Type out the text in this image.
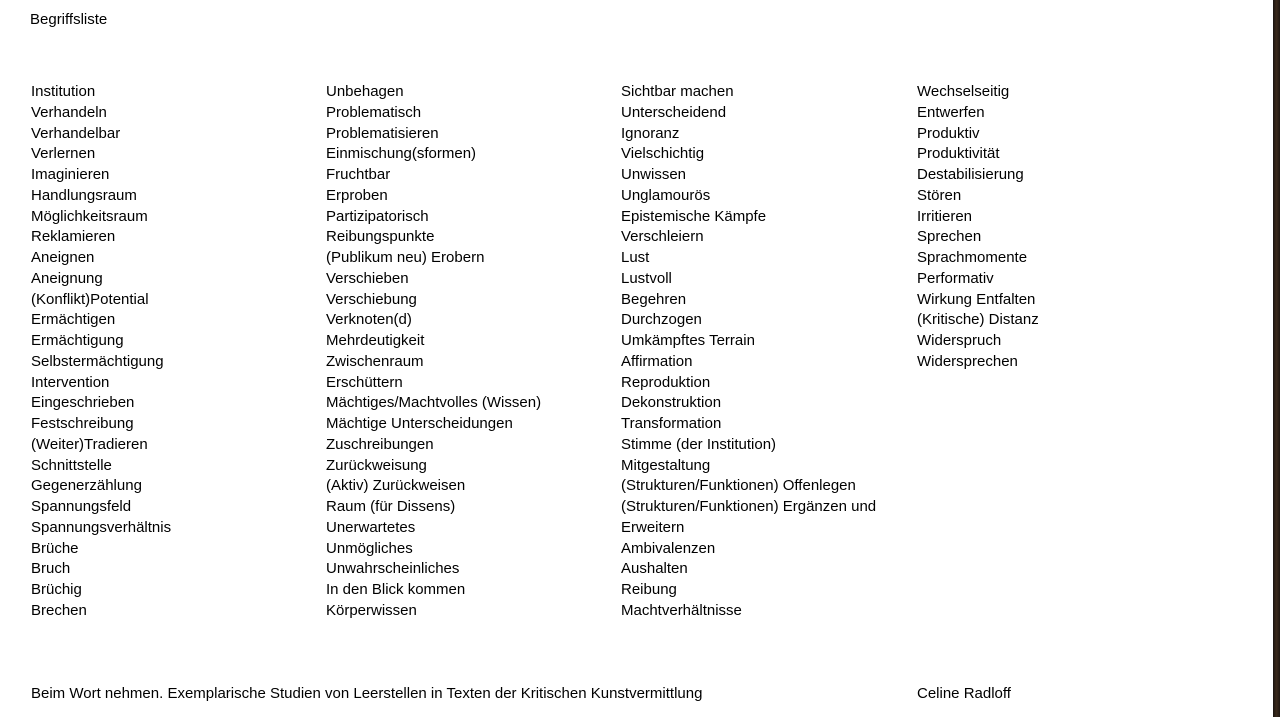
Begriffsliste
Institution
Verhandeln
Verhandelbar
Verlernen
Imaginieren
Handlungsraum
Möglichkeitsraum
Reklamieren
Aneignen
Aneignung
(Konflikt)Potential
Ermächtigen
Ermächtigung
Selbstermächtigung
Intervention
Eingeschrieben
Festschreibung
(Weiter)Tradieren
Schnittstelle
Gegenerzählung
Spannungsfeld
Spannungsverhältnis
Brüche
Bruch
Brüchig
Brechen
Unbehagen
Problematisch
Problematisieren
Einmischung(sformen)
Fruchtbar
Erproben
Partizipatorisch
Reibungspunkte
(Publikum neu) Erobern
Verschieben
Verschiebung
Verknoten(d)
Mehrdeutigkeit
Zwischenraum
Erschüttern
Mächtiges/Machtvolles (Wissen)
Mächtige Unterscheidungen
Zuschreibungen
Zurückweisung
(Aktiv) Zurückweisen
Raum (für Dissens)
Unerwartetes
Unmögliches
Unwahrscheinliches
In den Blick kommen
Körperwissen
Sichtbar machen
Unterscheidend
Ignoranz
Vielschichtig
Unwissen
Unglamourös
Epistemische Kämpfe
Verschleiern
Lust
Lustvoll
Begehren
Durchzogen
Umkämpftes Terrain
Affirmation
Reproduktion
Dekonstruktion
Transformation
Stimme (der Institution)
Mitgestaltung
(Strukturen/Funktionen) Offenlegen
(Strukturen/Funktionen) Ergänzen und
Erweitern
Ambivalenzen
Aushalten
Reibung
Machtverhältnisse
Wechselseitig
Entwerfen
Produktiv
Produktivität
Destabilisierung
Stören
Irritieren
Sprechen
Sprachmomente
Performativ
Wirkung Entfalten
(Kritische) Distanz
Widerspruch
Widersprechen
Beim Wort nehmen. Exemplarische Studien von Leerstellen in Texten der Kritischen Kunstvermittlung	Celine Radloff
